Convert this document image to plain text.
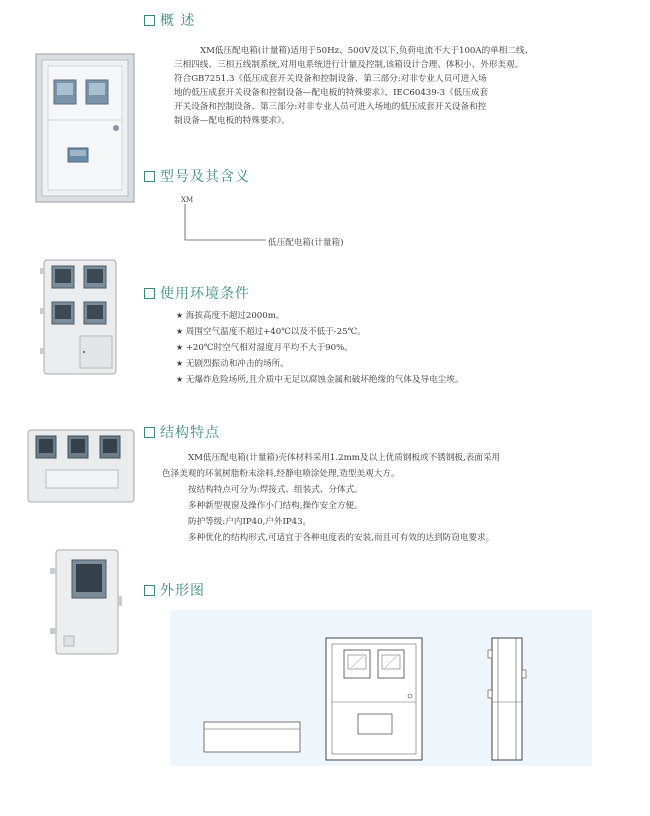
概 述

XM低压配电箱(计量箱)适用于50Hz、500V及以下,负荷电流不大于100A的单相二线、

三相四线、三相五线制系统,对用电系统进行计量及控制,该箱设计合理、体积小、外形美观。

符合GB7251.3《低压成套开关设备和控制设备、第三部分:对非专业人员可进入场

地的低压成套开关设备和控制设备—配电板的特殊要求》、IEC60439-3《低压成套

开关设备和控制设备、第三部分:对非专业人员可进入场地的低压成套开关设备和控

制设备—配电板的特殊要求》。

型号及其含义
XM
低压配电箱(计量箱)
使用环境条件
★ 海拔高度不超过2000m。
★ 周围空气温度不超过+40℃以及不低于-25℃。
★ +20℃时空气相对湿度月平均不大于90%。
★ 无剧烈振动和冲击的场所。
★ 无爆炸危险场所,且介质中无足以腐蚀金属和破坏绝缘的气体及导电尘埃。
结构特点

XM低压配电箱(计量箱)壳体材料采用1.2mm及以上优质钢板或不锈钢板,表面采用

色泽美观的环氧树脂粉末涂料,经静电喷涂处理,造型美观大方。

按结构特点可分为:焊接式、组装式、分体式。

多种新型视窗及操作小门结构,操作安全方便。

防护等级:户内IP40,户外IP43。

多种优化的结构形式,可适宜于各种电度表的安装,而且可有效的达到防窃电要求。

外形图
